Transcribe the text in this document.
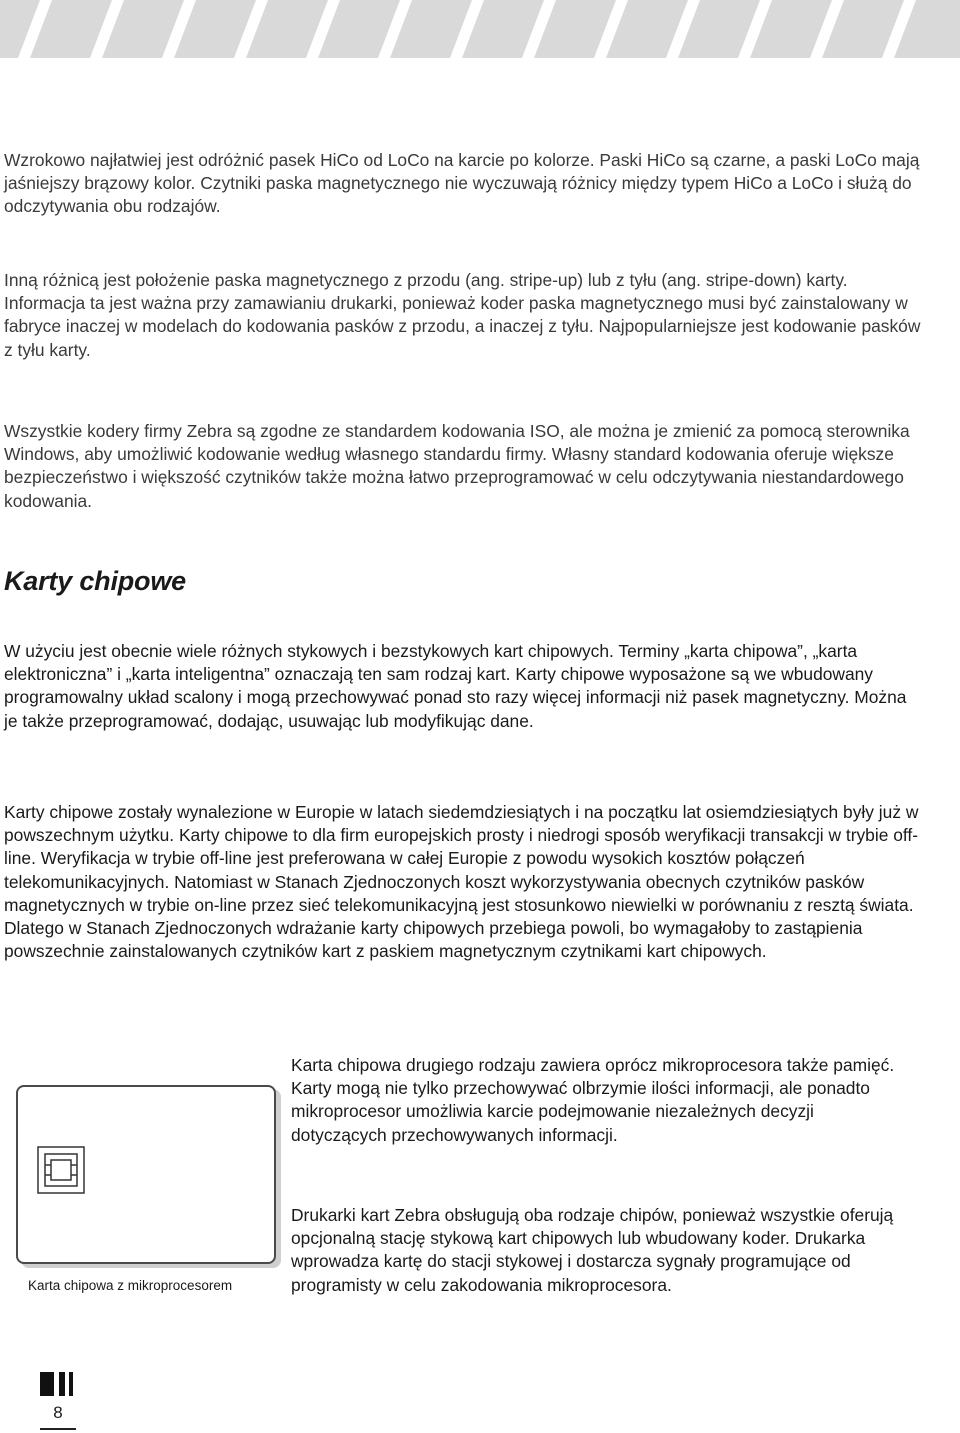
Wzrokowo najłatwiej jest odróżnić pasek HiCo od LoCo na karcie po kolorze. Paski HiCo są czarne, a paski LoCo mają jaśniejszy brązowy kolor. Czytniki paska magnetycznego nie wyczuwają różnicy między typem HiCo a LoCo i służą do odczytywania obu rodzajów.

Inną różnicą jest położenie paska magnetycznego z przodu (ang. stripe-up) lub z tyłu (ang. stripe-down) karty. Informacja ta jest ważna przy zamawianiu drukarki, ponieważ koder paska magnetycznego musi być zainstalowany w fabryce inaczej w modelach do kodowania pasków z przodu, a inaczej z tyłu. Najpopularniejsze jest kodowanie pasków z tyłu karty.

Wszystkie kodery firmy Zebra są zgodne ze standardem kodowania ISO, ale można je zmienić za pomocą sterownika Windows, aby umożliwić kodowanie według własnego standardu firmy. Własny standard kodowania oferuje większe bezpieczeństwo i większość czytników także można łatwo przeprogramować w celu odczytywania niestandardowego kodowania.

Karty chipowe

W użyciu jest obecnie wiele różnych stykowych i bezstykowych kart chipowych. Terminy „karta chipowa”, „karta elektroniczna” i „karta inteligentna” oznaczają ten sam rodzaj kart. Karty chipowe wyposażone są we wbudowany programowalny układ scalony i mogą przechowywać ponad sto razy więcej informacji niż pasek magnetyczny. Można je także przeprogramować, dodając, usuwając lub modyfikując dane.

Karty chipowe zostały wynalezione w Europie w latach siedemdziesiątych i na początku lat osiemdziesiątych były już w powszechnym użytku. Karty chipowe to dla firm europejskich prosty i niedrogi sposób weryfikacji transakcji w trybie off-line. Weryfikacja w trybie off-line jest preferowana w całej Europie z powodu wysokich kosztów połączeń telekomunikacyjnych. Natomiast w Stanach Zjednoczonych koszt wykorzystywania obecnych czytników pasków magnetycznych w trybie on-line przez sieć telekomunikacyjną jest stosunkowo niewielki w porównaniu z resztą świata. Dlatego w Stanach Zjednoczonych wdrażanie karty chipowych przebiega powoli, bo wymagałoby to zastąpienia powszechnie zainstalowanych czytników kart z paskiem magnetycznym czytnikami kart chipowych.

Karta chipowa z mikroprocesorem

Karta chipowa drugiego rodzaju zawiera oprócz mikroprocesora także pamięć. Karty mogą nie tylko przechowywać olbrzymie ilości informacji, ale ponadto mikroprocesor umożliwia karcie podejmowanie niezależnych decyzji dotyczących przechowywanych informacji.

Drukarki kart Zebra obsługują oba rodzaje chipów, ponieważ wszystkie oferują opcjonalną stację stykową kart chipowych lub wbudowany koder. Drukarka wprowadza kartę do stacji stykowej i dostarcza sygnały programujące od programisty w celu zakodowania mikroprocesora.

8
